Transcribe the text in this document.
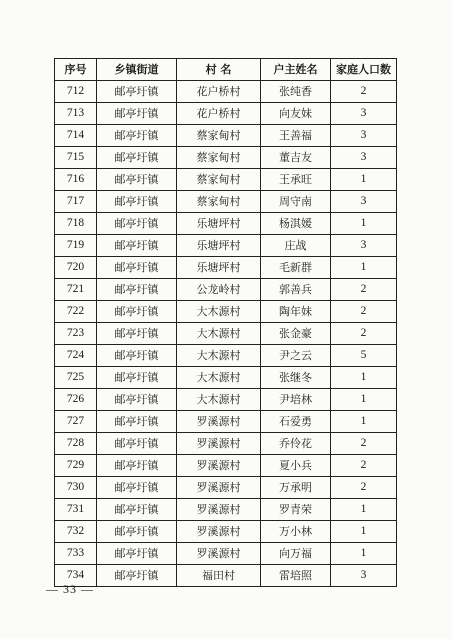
序号	乡镇街道	村 名	户主姓名	家庭人口数
712	邮亭圩镇	花户桥村	张纯香	2
713	邮亭圩镇	花户桥村	向友妹	3
714	邮亭圩镇	蔡家甸村	王善福	3
715	邮亭圩镇	蔡家甸村	董吉友	3
716	邮亭圩镇	蔡家甸村	王承旺	1
717	邮亭圩镇	蔡家甸村	周守南	3
718	邮亭圩镇	乐塘坪村	杨淇媛	1
719	邮亭圩镇	乐塘坪村	庄战	3
720	邮亭圩镇	乐塘坪村	毛新群	1
721	邮亭圩镇	公龙岭村	郭善兵	2
722	邮亭圩镇	大木源村	陶年妹	2
723	邮亭圩镇	大木源村	张金豪	2
724	邮亭圩镇	大木源村	尹之云	5
725	邮亭圩镇	大木源村	张继冬	1
726	邮亭圩镇	大木源村	尹培林	1
727	邮亭圩镇	罗溪源村	石爱勇	1
728	邮亭圩镇	罗溪源村	乔伶花	2
729	邮亭圩镇	罗溪源村	夏小兵	2
730	邮亭圩镇	罗溪源村	万承明	2
731	邮亭圩镇	罗溪源村	罗青荣	1
732	邮亭圩镇	罗溪源村	万小林	1
733	邮亭圩镇	罗溪源村	向万福	1
734	邮亭圩镇	福田村	雷培照	3
— 33 —
